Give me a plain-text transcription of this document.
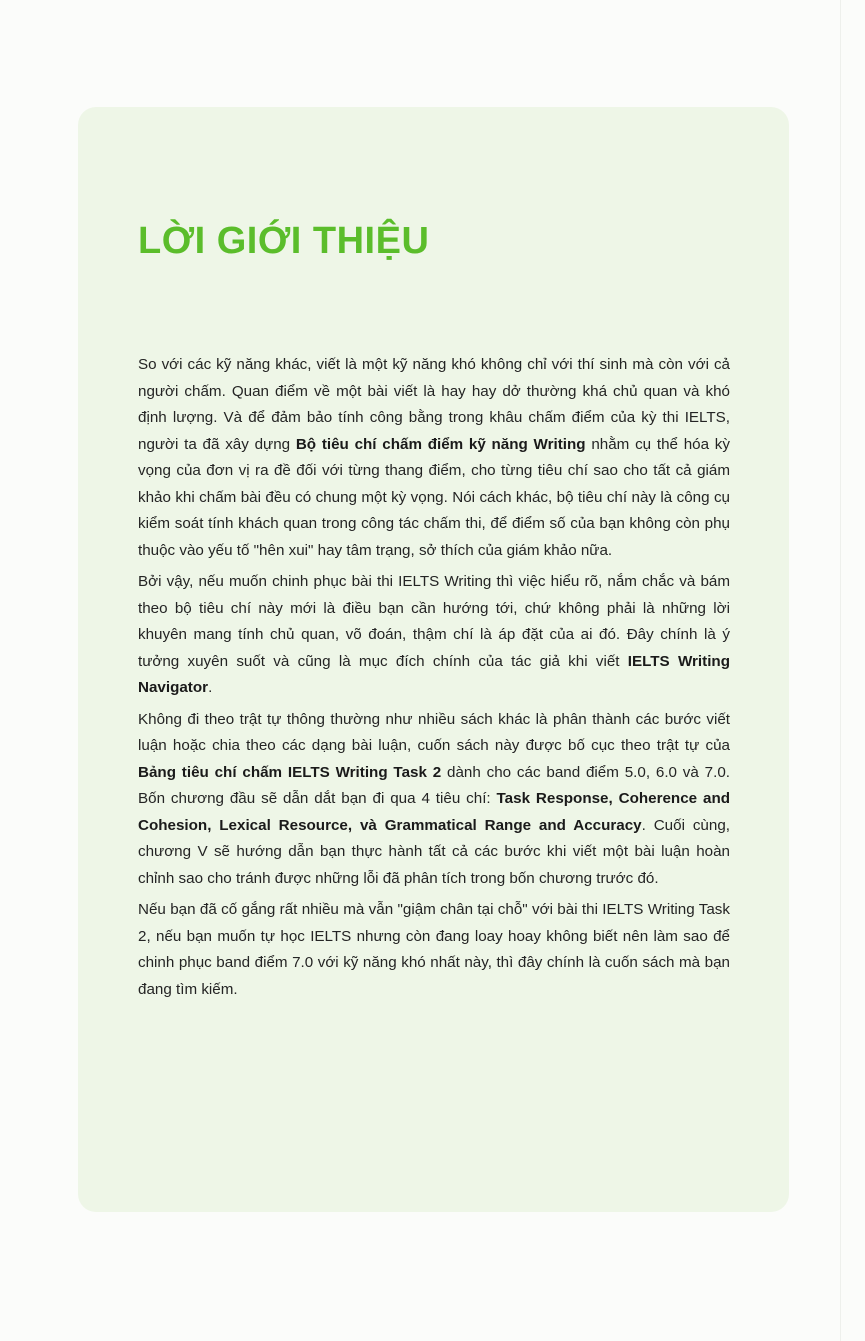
LỜI GIỚI THIỆU

So với các kỹ năng khác, viết là một kỹ năng khó không chỉ với thí sinh mà còn với cả người chấm. Quan điểm về một bài viết là hay hay dở thường khá chủ quan và khó định lượng. Và để đảm bảo tính công bằng trong khâu chấm điểm của kỳ thi IELTS, người ta đã xây dựng Bộ tiêu chí chấm điểm kỹ năng Writing nhằm cụ thể hóa kỳ vọng của đơn vị ra đề đối với từng thang điểm, cho từng tiêu chí sao cho tất cả giám khảo khi chấm bài đều có chung một kỳ vọng. Nói cách khác, bộ tiêu chí này là công cụ kiểm soát tính khách quan trong công tác chấm thi, để điểm số của bạn không còn phụ thuộc vào yếu tố "hên xui" hay tâm trạng, sở thích của giám khảo nữa.

Bởi vậy, nếu muốn chinh phục bài thi IELTS Writing thì việc hiểu rõ, nắm chắc và bám theo bộ tiêu chí này mới là điều bạn cần hướng tới, chứ không phải là những lời khuyên mang tính chủ quan, võ đoán, thậm chí là áp đặt của ai đó. Đây chính là ý tưởng xuyên suốt và cũng là mục đích chính của tác giả khi viết IELTS Writing Navigator.

Không đi theo trật tự thông thường như nhiều sách khác là phân thành các bước viết luận hoặc chia theo các dạng bài luận, cuốn sách này được bố cục theo trật tự của Bảng tiêu chí chấm IELTS Writing Task 2 dành cho các band điểm 5.0, 6.0 và 7.0. Bốn chương đầu sẽ dẫn dắt bạn đi qua 4 tiêu chí: Task Response, Coherence and Cohesion, Lexical Resource, và Grammatical Range and Accuracy. Cuối cùng, chương V sẽ hướng dẫn bạn thực hành tất cả các bước khi viết một bài luận hoàn chỉnh sao cho tránh được những lỗi đã phân tích trong bốn chương trước đó.

Nếu bạn đã cố gắng rất nhiều mà vẫn "giậm chân tại chỗ" với bài thi IELTS Writing Task 2, nếu bạn muốn tự học IELTS nhưng còn đang loay hoay không biết nên làm sao để chinh phục band điểm 7.0 với kỹ năng khó nhất này, thì đây chính là cuốn sách mà bạn đang tìm kiếm.
